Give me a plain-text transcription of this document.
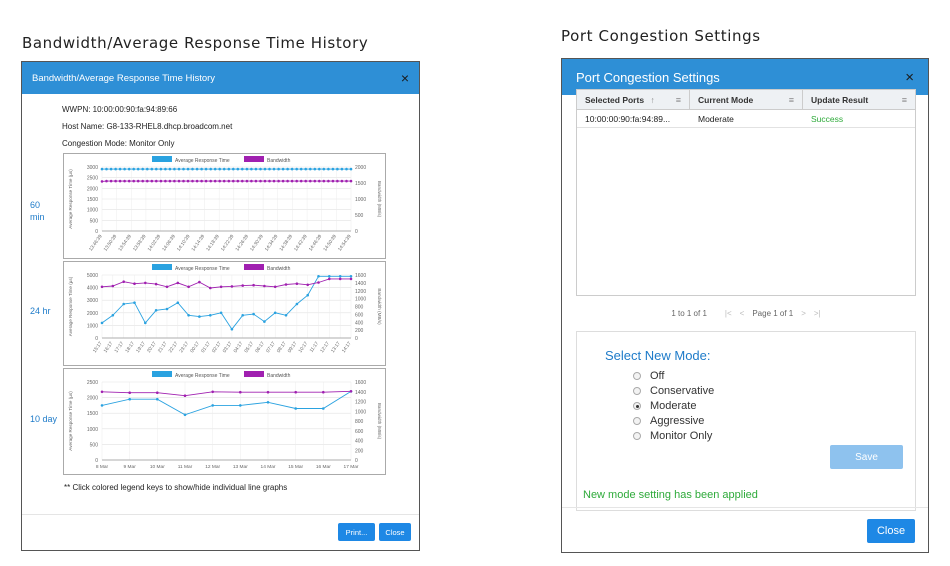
Bandwidth/Average Response Time History	Port Congestion Settings
Bandwidth/Average Response Time History	×
WWPN: 10:00:00:90:fa:94:89:66
Host Name: G8-133-RHEL8.dhcp.broadcom.net
Congestion Mode: Monitor Only
60
min
24 hr
10 day
Average Response Time	Bandwidth
3000
2500
2000
1500
1000
500
0
2000
1500
1000
500
0
Average Response Time (µs)	Bandwidth (MB/s)
13:46:39 13:50:39 13:54:39 13:58:39 14:02:39 14:06:39 14:10:39 14:14:39 14:18:39 14:22:39 14:26:39 14:30:39 14:34:39 14:38:39 14:42:39 14:46:39 14:50:39 14:54:39
Average Response Time	Bandwidth
5000
4000
3000
2000
1000
0
1600
1400
1200
1000
800
600
400
200
0
Average Response Time (µs)	Bandwidth (MB/s)
15:17 16:17 17:17 18:17 19:17 20:17 21:17 22:17 23:17 00:17 01:17 02:17 03:17 04:17 05:17 06:17 07:17 08:17 09:17 10:17 11:17 12:17 13:17 14:17
Average Response Time	Bandwidth
2500
2000
1500
1000
500
0
1600
1400
1200
1000
800
600
400
200
0
Average Response Time (µs)	Bandwidth (MB/s)
8 Mar	9 Mar	10 Mar	11 Mar	12 Mar	13 Mar	14 Mar	15 Mar	16 Mar	17 Mar
** Click colored legend keys to show/hide individual line graphs
Print...	Close
Port Congestion Settings	×
Selected Ports ↑ ≡ Current Mode	≡ Update Result	≡
10:00:00:90:fa:94:89...	Moderate	Success
1 to 1 of 1 |< < Page 1 of 1 > >|
Select New Mode:
Off
Conservative
Moderate
Aggressive
Monitor Only
Save
New mode setting has been applied
Close
